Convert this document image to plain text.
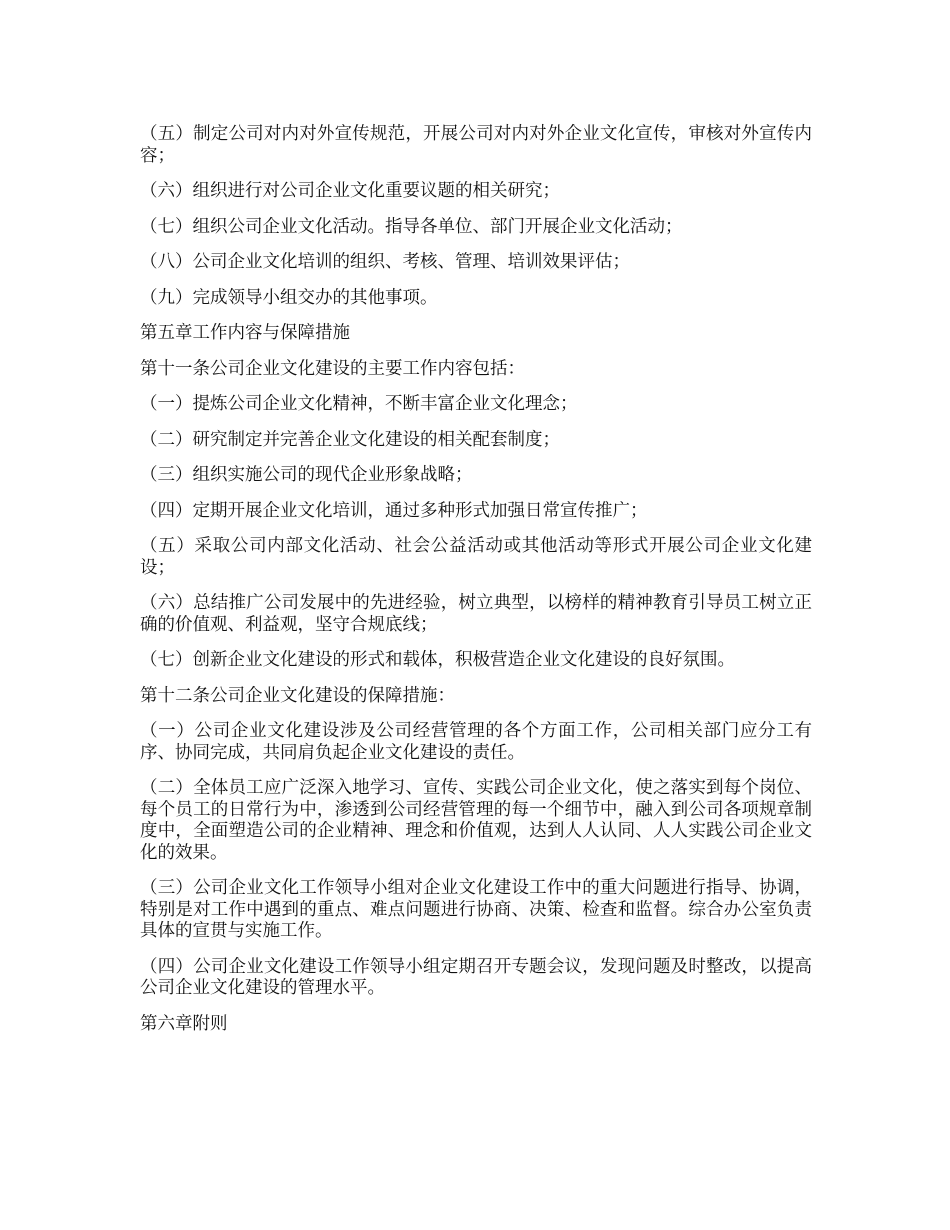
（五）制定公司对内对外宣传规范，开展公司对内对外企业文化宣传，审核对外宣传内容；

（六）组织进行对公司企业文化重要议题的相关研究；

（七）组织公司企业文化活动。指导各单位、部门开展企业文化活动；

（八）公司企业文化培训的组织、考核、管理、培训效果评估；

（九）完成领导小组交办的其他事项。

第五章工作内容与保障措施

第十一条公司企业文化建设的主要工作内容包括：

（一）提炼公司企业文化精神，不断丰富企业文化理念；

（二）研究制定并完善企业文化建设的相关配套制度；

（三）组织实施公司的现代企业形象战略；

（四）定期开展企业文化培训，通过多种形式加强日常宣传推广；

（五）采取公司内部文化活动、社会公益活动或其他活动等形式开展公司企业文化建设；

（六）总结推广公司发展中的先进经验，树立典型，以榜样的精神教育引导员工树立正确的价值观、利益观，坚守合规底线；

（七）创新企业文化建设的形式和载体，积极营造企业文化建设的良好氛围。

第十二条公司企业文化建设的保障措施：

（一）公司企业文化建设涉及公司经营管理的各个方面工作，公司相关部门应分工有序、协同完成，共同肩负起企业文化建设的责任。

（二）全体员工应广泛深入地学习、宣传、实践公司企业文化，使之落实到每个岗位、每个员工的日常行为中，渗透到公司经营管理的每一个细节中，融入到公司各项规章制度中，全面塑造公司的企业精神、理念和价值观，达到人人认同、人人实践公司企业文化的效果。

（三）公司企业文化工作领导小组对企业文化建设工作中的重大问题进行指导、协调，特别是对工作中遇到的重点、难点问题进行协商、决策、检查和监督。综合办公室负责具体的宣贯与实施工作。

（四）公司企业文化建设工作领导小组定期召开专题会议，发现问题及时整改，以提高公司企业文化建设的管理水平。

第六章附则
